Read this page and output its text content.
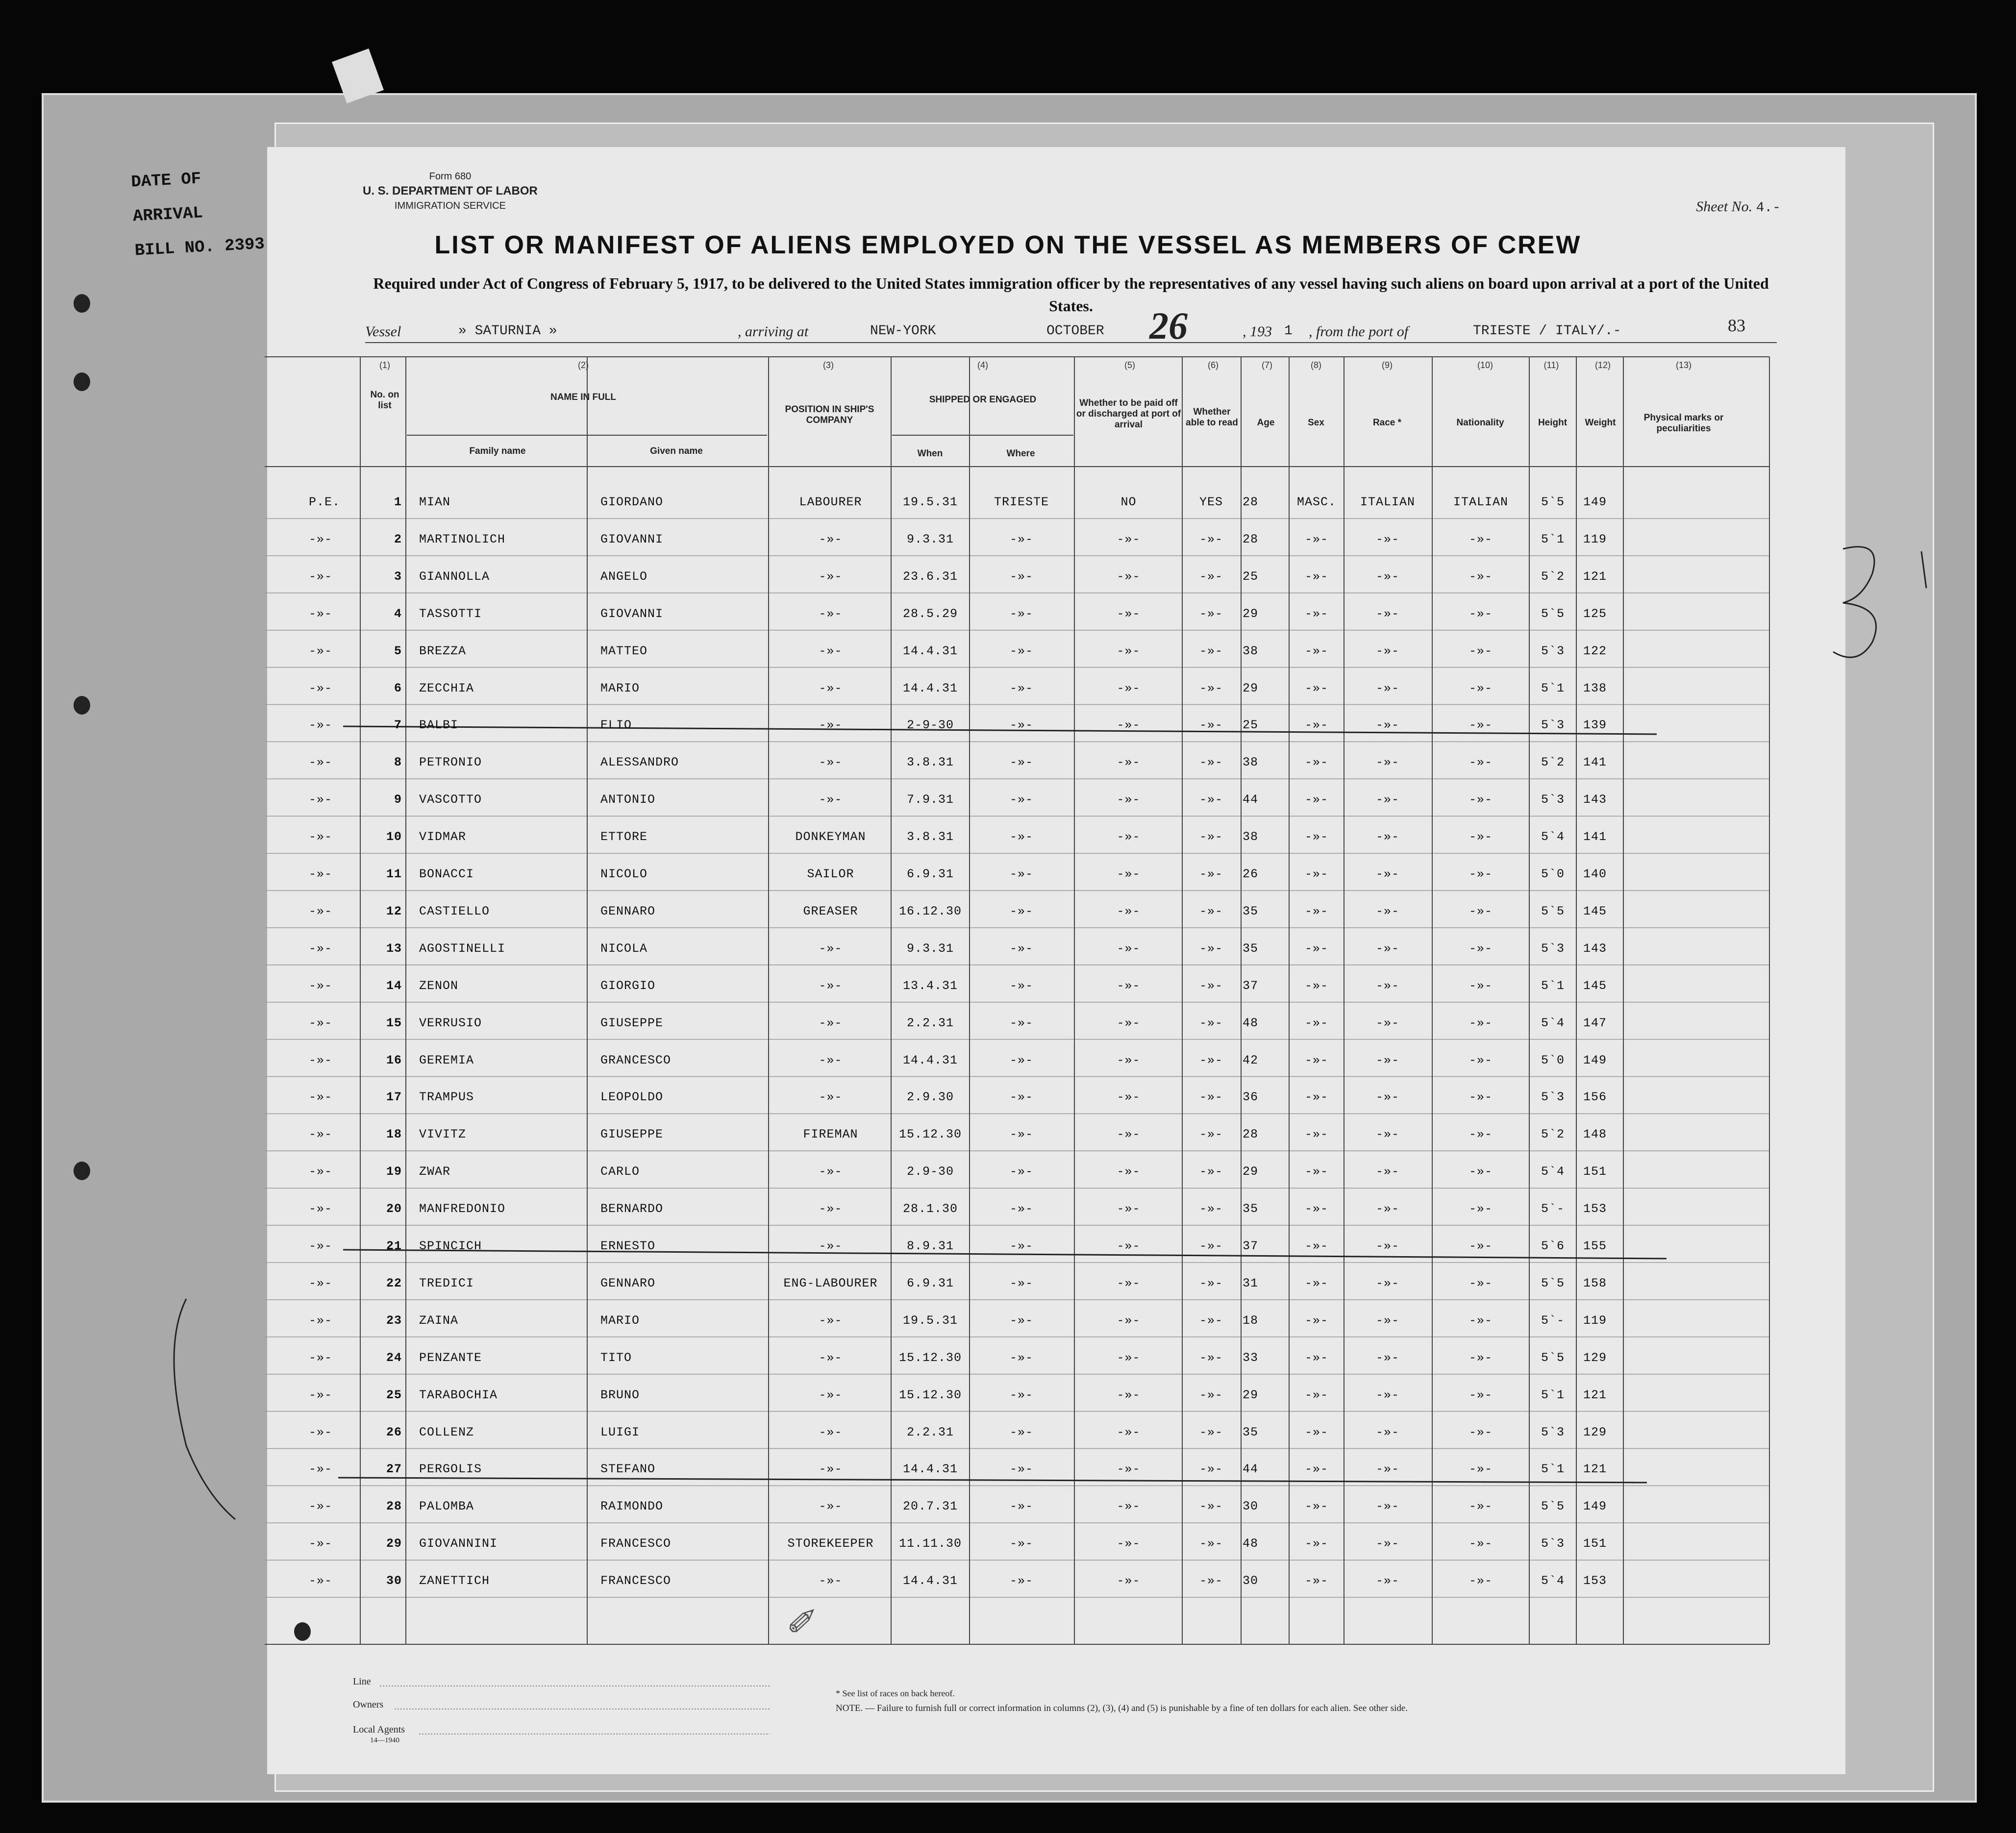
DATE OF ARRIVAL
BILL NO. 2393
Form 680
U. S. DEPARTMENT OF LABOR
IMMIGRATION SERVICE	Sheet No. 4.-
LIST OR MANIFEST OF ALIENS EMPLOYED ON THE VESSEL AS MEMBERS OF CREW
Required under Act of Congress of February 5, 1917, to be delivered to the United States immigration officer by the representatives of any vessel having such aliens on board upon arrival at a port of the United States.
Vessel	» SATURNIA »	, arriving at	NEW-YORK	OCTOBER 26	, 193 1 , from the port of	TRIESTE / ITALY/.-	83
(1)
No. on list
(2)
NAME IN FULL
Family name	Given name
(3)
POSITION IN SHIP'S COMPANY
(4)
SHIPPED OR ENGAGED
When	Where
(5)
Whether to be paid off or discharged at port of arrival
(6)
Whether able to read
(7)
Age
(8)
Sex
(9)
Race *
(10)
Nationality
(11)
Height
(12)
Weight
(13)
Physical marks or peculiarities
P.E.	1 MIAN	GIORDANO	LABOURER	19.5.31	TRIESTE	NO	YES	28	MASC.	ITALIAN	ITALIAN	5`5	149
-»-	2 MARTINOLICH	GIOVANNI	-»-	9.3.31	-»-	-»-	-»-	28	-»-	-»-	-»-	5`1	119
-»-	3 GIANNOLLA	ANGELO	-»-	23.6.31	-»-	-»-	-»-	25	-»-	-»-	-»-	5`2	121
-»-	4 TASSOTTI	GIOVANNI	-»-	28.5.29	-»-	-»-	-»-	29	-»-	-»-	-»-	5`5	125
-»-	5 BREZZA	MATTEO	-»-	14.4.31	-»-	-»-	-»-	38	-»-	-»-	-»-	5`3	122
-»-	6 ZECCHIA	MARIO	-»-	14.4.31	-»-	-»-	-»-	29	-»-	-»-	-»-	5`1	138
-»-	7 BALBI	ELIO	-»-	2-9-30	-»-	-»-	-»-	25	-»-	-»-	-»-	5`3	139
-»-	8 PETRONIO	ALESSANDRO	-»-	3.8.31	-»-	-»-	-»-	38	-»-	-»-	-»-	5`2	141
-»-	9 VASCOTTO	ANTONIO	-»-	7.9.31	-»-	-»-	-»-	44	-»-	-»-	-»-	5`3	143
-»-	10 VIDMAR	ETTORE	DONKEYMAN	3.8.31	-»-	-»-	-»-	38	-»-	-»-	-»-	5`4	141
-»-	11 BONACCI	NICOLO	SAILOR	6.9.31	-»-	-»-	-»-	26	-»-	-»-	-»-	5`0	140
-»-	12 CASTIELLO	GENNARO	GREASER	16.12.30	-»-	-»-	-»-	35	-»-	-»-	-»-	5`5	145
-»-	13 AGOSTINELLI	NICOLA	-»-	9.3.31	-»-	-»-	-»-	35	-»-	-»-	-»-	5`3	143
-»-	14 ZENON	GIORGIO	-»-	13.4.31	-»-	-»-	-»-	37	-»-	-»-	-»-	5`1	145
-»-	15 VERRUSIO	GIUSEPPE	-»-	2.2.31	-»-	-»-	-»-	48	-»-	-»-	-»-	5`4	147
-»-	16 GEREMIA	GRANCESCO	-»-	14.4.31	-»-	-»-	-»-	42	-»-	-»-	-»-	5`0	149
-»-	17 TRAMPUS	LEOPOLDO	-»-	2.9.30	-»-	-»-	-»-	36	-»-	-»-	-»-	5`3	156
-»-	18 VIVITZ	GIUSEPPE	FIREMAN	15.12.30	-»-	-»-	-»-	28	-»-	-»-	-»-	5`2	148
-»-	19 ZWAR	CARLO	-»-	2.9-30	-»-	-»-	-»-	29	-»-	-»-	-»-	5`4	151
-»-	20 MANFREDONIO	BERNARDO	-»-	28.1.30	-»-	-»-	-»-	35	-»-	-»-	-»-	5`-	153
-»-	21 SPINCICH	ERNESTO	-»-	8.9.31	-»-	-»-	-»-	37	-»-	-»-	-»-	5`6	155
-»-	22 TREDICI	GENNARO	ENG-LABOURER	6.9.31	-»-	-»-	-»-	31	-»-	-»-	-»-	5`5	158
-»-	23 ZAINA	MARIO	-»-	19.5.31	-»-	-»-	-»-	18	-»-	-»-	-»-	5`-	119
-»-	24 PENZANTE	TITO	-»-	15.12.30	-»-	-»-	-»-	33	-»-	-»-	-»-	5`5	129
-»-	25 TARABOCHIA	BRUNO	-»-	15.12.30	-»-	-»-	-»-	29	-»-	-»-	-»-	5`1	121
-»-	26 COLLENZ	LUIGI	-»-	2.2.31	-»-	-»-	-»-	35	-»-	-»-	-»-	5`3	129
-»-	27 PERGOLIS	STEFANO	-»-	14.4.31	-»-	-»-	-»-	44	-»-	-»-	-»-	5`1	121
-»-	28 PALOMBA	RAIMONDO	-»-	20.7.31	-»-	-»-	-»-	30	-»-	-»-	-»-	5`5	149
-»-	29 GIOVANNINI	FRANCESCO	STOREKEEPER	11.11.30	-»-	-»-	-»-	48	-»-	-»-	-»-	5`3	151
-»-	30 ZANETTICH	FRANCESCO	-»-	14.4.31	-»-	-»-	-»-	30	-»-	-»-	-»-	5`4	153
✐
Line
Owners
Local Agents
14—1940
* See list of races on back hereof.
NOTE. — Failure to furnish full or correct information in columns (2), (3), (4) and (5) is punishable by a fine of ten dollars for each alien. See other side.
